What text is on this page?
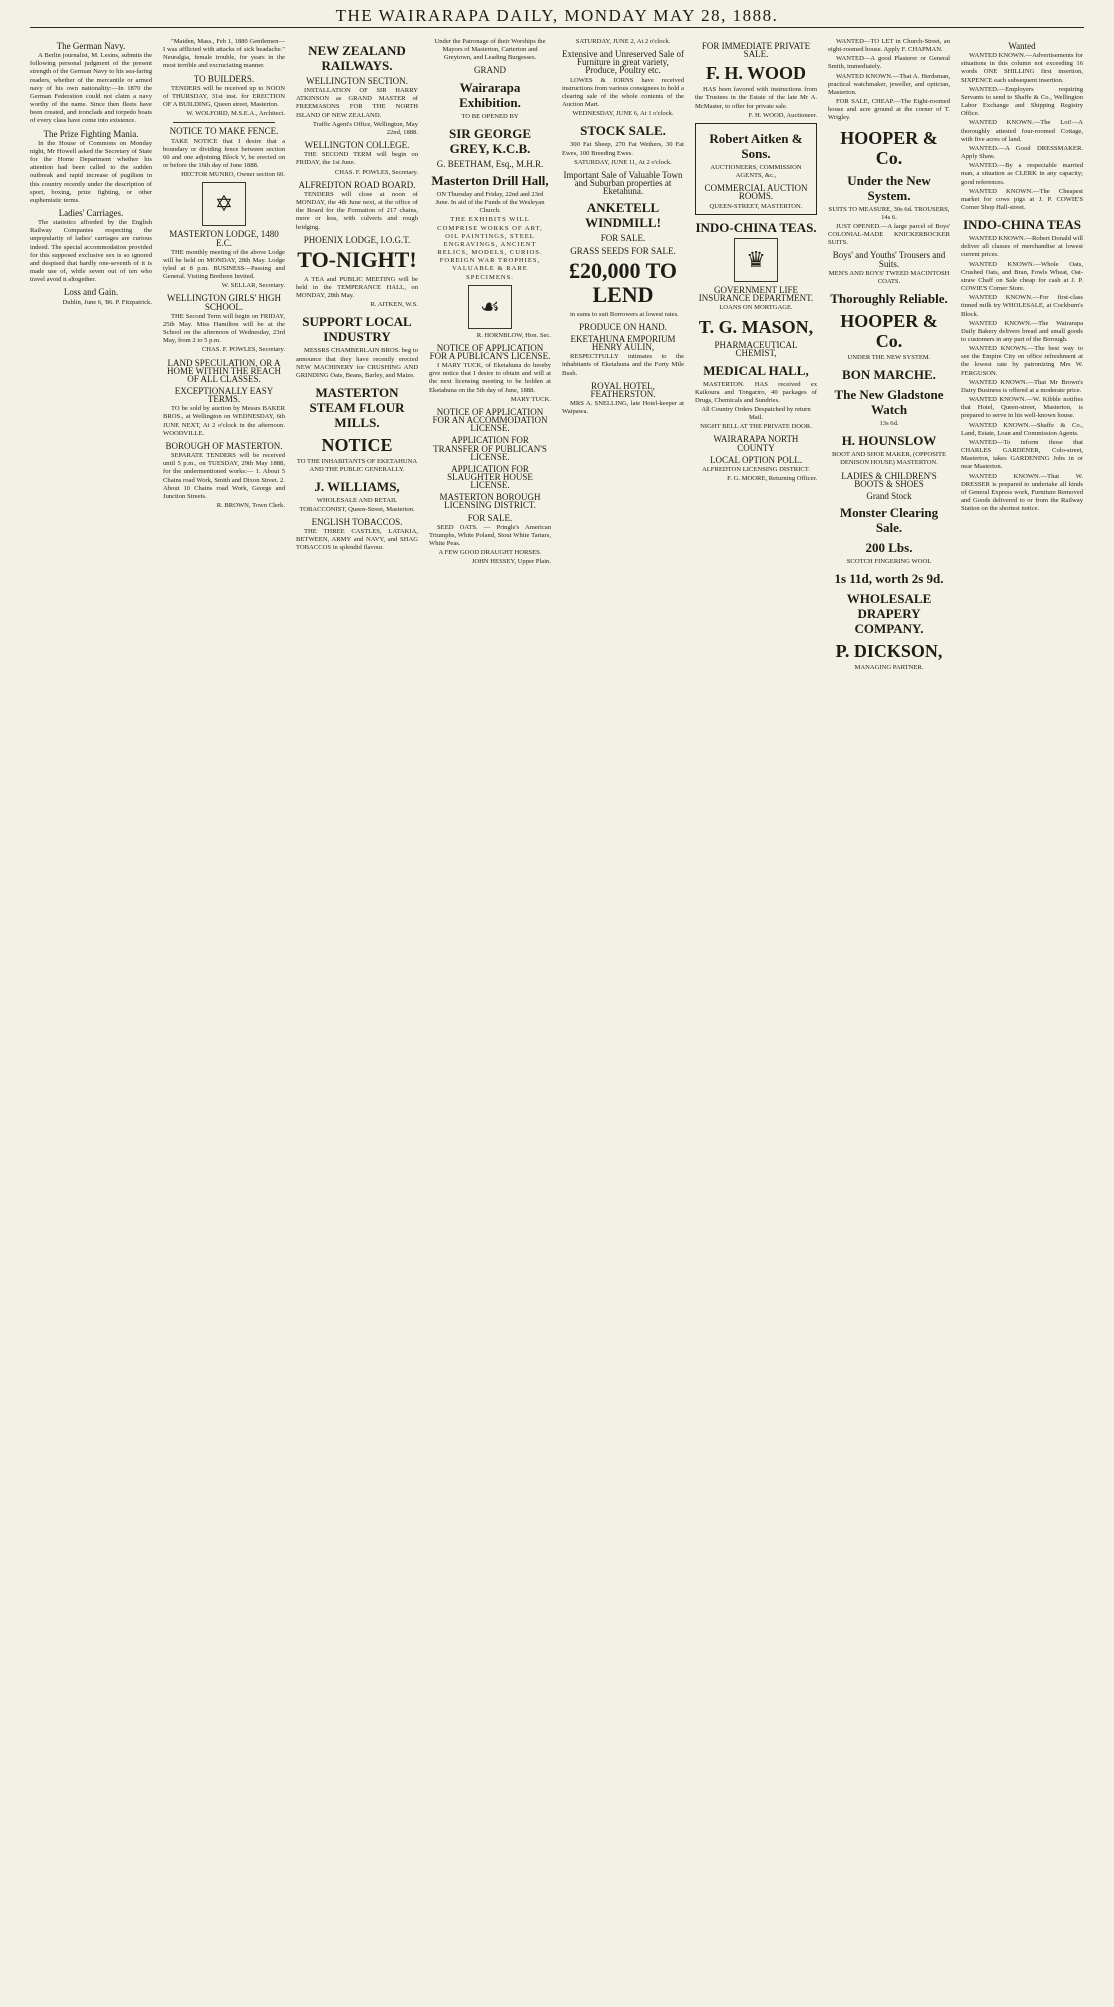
THE WAIRARAPA DAILY, MONDAY MAY 28, 1888.
The German Navy.

A Berlin journalist, M. Lesins, submits the following personal judgment of the present strength of the German Navy to his sea-faring readers, whether of the mercantile or armed navy of his own nationality:—In 1870 the German Federation could not claim a navy worthy of the name. Since then fleets have been created, and ironclads and torpedo boats of every class have come into existence.

The Prize Fighting Mania.

In the House of Commons on Monday night, Mr Howell asked the Secretary of State for the Home Department whether his attention had been called to the sudden outbreak and rapid increase of pugilism in this country recently under the description of sport, boxing, prize fighting, or other euphemistic terms.

Ladies' Carriages.

The statistics afforded by the English Railway Companies respecting the unpopularity of ladies' carriages are curious indeed. The special accommodation provided for this supposed exclusive sex is so ignored and despised that hardly one-seventh of it is made use of, while seven out of ten who travel avoid it altogether.

Loss and Gain.

Dublin, June 6, '86. P. Fitzpatrick.

"Maiden, Mass., Feb 1, 1880 Gentlemen—I was afflicted with attacks of sick headache." Neuralgia, female trouble, for years in the most terrible and excruciating manner.

TO BUILDERS.

TENDERS will be received up to NOON of THURSDAY, 31st inst. for ERECTION OF A BUILDING, Queen street, Masterton.

W. WOLFORD, M.S.E.A., Architect.

NOTICE TO MAKE FENCE.

TAKE NOTICE that I desire that a boundary or dividing fence between section 60 and one adjoining Block V, be erected on or before the 16th day of June 1888.

HECTOR MUNRO, Owner section 60.

✡
MASTERTON LODGE, 1480 E.C.

THE monthly meeting of the above Lodge will be held on MONDAY, 28th May. Lodge tyled at 8 p.m. BUSINESS—Passing and General. Visiting Brethren Invited.

W. SELLAR, Secretary.

WELLINGTON GIRLS' HIGH SCHOOL.

THE Second Term will begin on FRIDAY, 25th May. Miss Hamilton will be at the School on the afternoon of Wednesday, 23rd May, from 2 to 5 p.m.

CHAS. F. POWLES, Secretary.

LAND SPECULATION, OR A HOME WITHIN THE REACH OF ALL CLASSES.
EXCEPTIONALLY EASY TERMS.

TO be sold by auction by Messrs BAKER BROS., at Wellington on WEDNESDAY, 6th JUNE NEXT, At 2 o'clock in the afternoon. WOODVILLE.

BOROUGH OF MASTERTON.

SEPARATE TENDERS will be received until 5 p.m., on TUESDAY, 29th May 1888, for the undermentioned works:— 1. About 5 Chains road Work, Smith and Dixon Street. 2. About 10 Chains road Work, George and Junction Streets.

R. BROWN, Town Clerk.

NEW ZEALAND RAILWAYS.
WELLINGTON SECTION.

INSTALLATION OF SIR HARRY ATKINSON as GRAND MASTER of FREEMASONS FOR THE NORTH ISLAND OF NEW ZEALAND.

Traffic Agent's Office, Wellington, May 22nd, 1888.

WELLINGTON COLLEGE.

THE SECOND TERM will begin on FRIDAY, the 1st June.

CHAS. F. POWLES, Secretary.

ALFREDTON ROAD BOARD.

TENDERS will close at noon of MONDAY, the 4th June next, at the office of the Board for the Formation of 217 chains, more or less, with culverts and rough bridging.

PHOENIX LODGE, I.O.G.T.
TO-NIGHT!

A TEA and PUBLIC MEETING will be held in the TEMPERANCE HALL, on MONDAY, 28th May.

R. AITKEN, W.S.

SUPPORT LOCAL INDUSTRY

MESSRS CHAMBERLAIN BROS. beg to announce that they have recently erected NEW MACHINERY for CRUSHING AND GRINDING Oats, Beans, Barley, and Maize.

MASTERTON STEAM FLOUR MILLS.
NOTICE

TO THE INHABITANTS OF EKETAHUNA AND THE PUBLIC GENERALLY.

J. WILLIAMS,

WHOLESALE AND RETAIL TOBACCONIST, Queen-Street, Masterton.

ENGLISH TOBACCOS.

THE THREE CASTLES, LATAKIA, BETWEEN, ARMY and NAVY, and SHAG TOBACCOS in splendid flavour.

Under the Patronage of their Worships the Mayors of Masterton, Carterton and Greytown, and Leading Burgesses.

GRAND
Wairarapa Exhibition.

TO BE OPENED BY

SIR GEORGE GREY, K.C.B.
G. BEETHAM, Esq., M.H.R.
Masterton Drill Hall,

ON Thursday and Friday, 22nd and 23rd June. In aid of the Funds of the Wesleyan Church.

THE EXHIBITS WILL COMPRISE WORKS OF ART, OIL PAINTINGS, STEEL ENGRAVINGS, ANCIENT RELICS, MODELS, CURIOS. FOREIGN WAR TROPHIES, VALUABLE & RARE SPECIMENS.

☙

R. HORNBLOW, Hon. Sec.

NOTICE OF APPLICATION FOR A PUBLICAN'S LICENSE.

I MARY TUCK, of Eketahuna do hereby give notice that I desire to obtain and will at the next licensing meeting to be holden at Eketahuna on the 5th day of June, 1888.

MARY TUCK.

NOTICE OF APPLICATION FOR AN ACCOMMODATION LICENSE.
APPLICATION FOR TRANSFER OF PUBLICAN'S LICENSE.
APPLICATION FOR SLAUGHTER HOUSE LICENSE.
MASTERTON BOROUGH LICENSING DISTRICT.
FOR SALE.

SEED OATS. — Pringle's American Triumphs, White Poland, Stout White Tartars, White Peas.

A FEW GOOD DRAUGHT HORSES.

JOHN HESSEY, Upper Plain.

SATURDAY, JUNE 2, At 2 o'clock.

Extensive and Unreserved Sale of Furniture in great variety, Produce, Poultry etc.

LOWES & IORNS have received instructions from various consignees to hold a clearing sale of the whole contents of the Auction Mart.

WEDNESDAY, JUNE 6, At 1 o'clock.

STOCK SALE.

300 Fat Sheep, 270 Fat Wethers, 30 Fat Ewes, 100 Breeding Ewes.

SATURDAY, JUNE 11, At 2 o'clock.

Important Sale of Valuable Town and Suburban properties at Eketahuna.
ANKETELL WINDMILL!
FOR SALE.
GRASS SEEDS FOR SALE.
£20,000 TO LEND

in sums to suit Borrowers at lowest rates.

PRODUCE ON HAND.
EKETAHUNA EMPORIUM HENRY AULIN,

RESPECTFULLY intimates to the inhabitants of Eketahuna and the Forty Mile Bush.

ROYAL HOTEL, FEATHERSTON.

MRS A. SNELLING, late Hotel-keeper at Waipawa.

FOR IMMEDIATE PRIVATE SALE.
F. H. WOOD

HAS been favored with instructions from the Trustees in the Estate of the late Mr A. McMaster, to offer for private sale.

F. H. WOOD, Auctioneer.

Robert Aitken & Sons.

AUCTIONEERS, COMMISSION AGENTS, &c.,

COMMERCIAL AUCTION ROOMS.

QUEEN-STREET, MASTERTON.

INDO-CHINA TEAS.
♛
GOVERNMENT LIFE INSURANCE DEPARTMENT.

LOANS ON MORTGAGE.

T. G. MASON,
PHARMACEUTICAL CHEMIST,
MEDICAL HALL,

MASTERTON. HAS received ex Kaikoura and Tongariro, 40 packages of Drugs, Chemicals and Sundries.

All Country Orders Despatched by return Mail.

NIGHT BELL AT THE PRIVATE DOOR.

WAIRARAPA NORTH COUNTY
LOCAL OPTION POLL.

ALFREDTON LICENSING DISTRICT.

F. G. MOORE, Returning Officer.

WANTED—TO LET in Church-Street, an eight-roomed house. Apply F. CHAPMAN.

WANTED—A good Plasterer or General Smith, immediately.

WANTED KNOWN.—That A. Herdsman, practical watchmaker, jeweller, and optician, Masterton.

FOR SALE, CHEAP.—The Eight-roomed house and acre ground at the corner of T. Wrigley.

HOOPER & Co.
Under the New System.

SUITS TO MEASURE, 30s 6d. TROUSERS, 14s 6.

JUST OPENED.—A large parcel of Boys' COLONIAL-MADE KNICKERBOCKER SUITS.

Boys' and Youths' Trousers and Suits.

MEN'S AND BOYS' TWEED MACINTOSH COATS.

Thoroughly Reliable.
HOOPER & Co.

UNDER THE NEW SYSTEM.

BON MARCHE.
The New Gladstone Watch

13s 6d.

H. HOUNSLOW

BOOT AND SHOE MAKER, (OPPOSITE DENISON HOUSE) MASTERTON.

LADIES & CHILDREN'S BOOTS & SHOES
Grand Stock
Monster Clearing Sale.
200 Lbs.

SCOTCH FINGERING WOOL

1s 11d, worth 2s 9d.
WHOLESALE DRAPERY COMPANY.
P. DICKSON,

MANAGING PARTNER.

Wanted

WANTED KNOWN.—Advertisements for situations in this column not exceeding 16 words ONE SHILLING first insertion, SIXPENCE each subsequent insertion.

WANTED.—Employers requiring Servants to send to Shaffe & Co., Wellington Labor Exchange and Shipping Registry Office.

WANTED KNOWN.—The Lot!—A thoroughly attested four-roomed Cottage, with five acres of land.

WANTED.—A Good DRESSMAKER. Apply Shaw.

WANTED.—By a respectable married man, a situation as CLERK in any capacity; good references.

WANTED KNOWN.—The Cheapest market for cows pigs at J. P. COWIE'S Corner Shop Hall-street.

INDO-CHINA TEAS

WANTED KNOWN.—Robert Donald will deliver all classes of merchandise at lowest current prices.

WANTED KNOWN.—Whole Oats, Crushed Oats, and Bran, Fowls Wheat, Oat-straw Chaff on Sale cheap for cash at J. P. COWIE'S Corner Store.

WANTED KNOWN.—For first-class tinned milk try WHOLESALE, at Cockburn's Block.

WANTED KNOWN.—The Wairarapa Daily Bakery delivers bread and small goods to customers in any part of the Borough.

WANTED KNOWN.—The best way to see the Empire City on office refreshment at the lowest rate by patronizing Mrs W. FERGUSON.

WANTED KNOWN.—That Mr Brown's Dairy Business is offered at a moderate price.

WANTED KNOWN.—W. Kibble notifies that Hotel, Queen-street, Masterton, is prepared to serve in his well-known house.

WANTED KNOWN.—Shaffe & Co., Land, Estate, Loan and Commission Agents.

WANTED—To inform those that CHARLES GARDENER, Colo-street, Masterton, takes GARDENING Jobs in or near Masterton.

WANTED KNOWN.—That W. DRESSER is prepared to undertake all kinds of General Express work, Furniture Removed and Goods delivered to or from the Railway Station on the shortest notice.
